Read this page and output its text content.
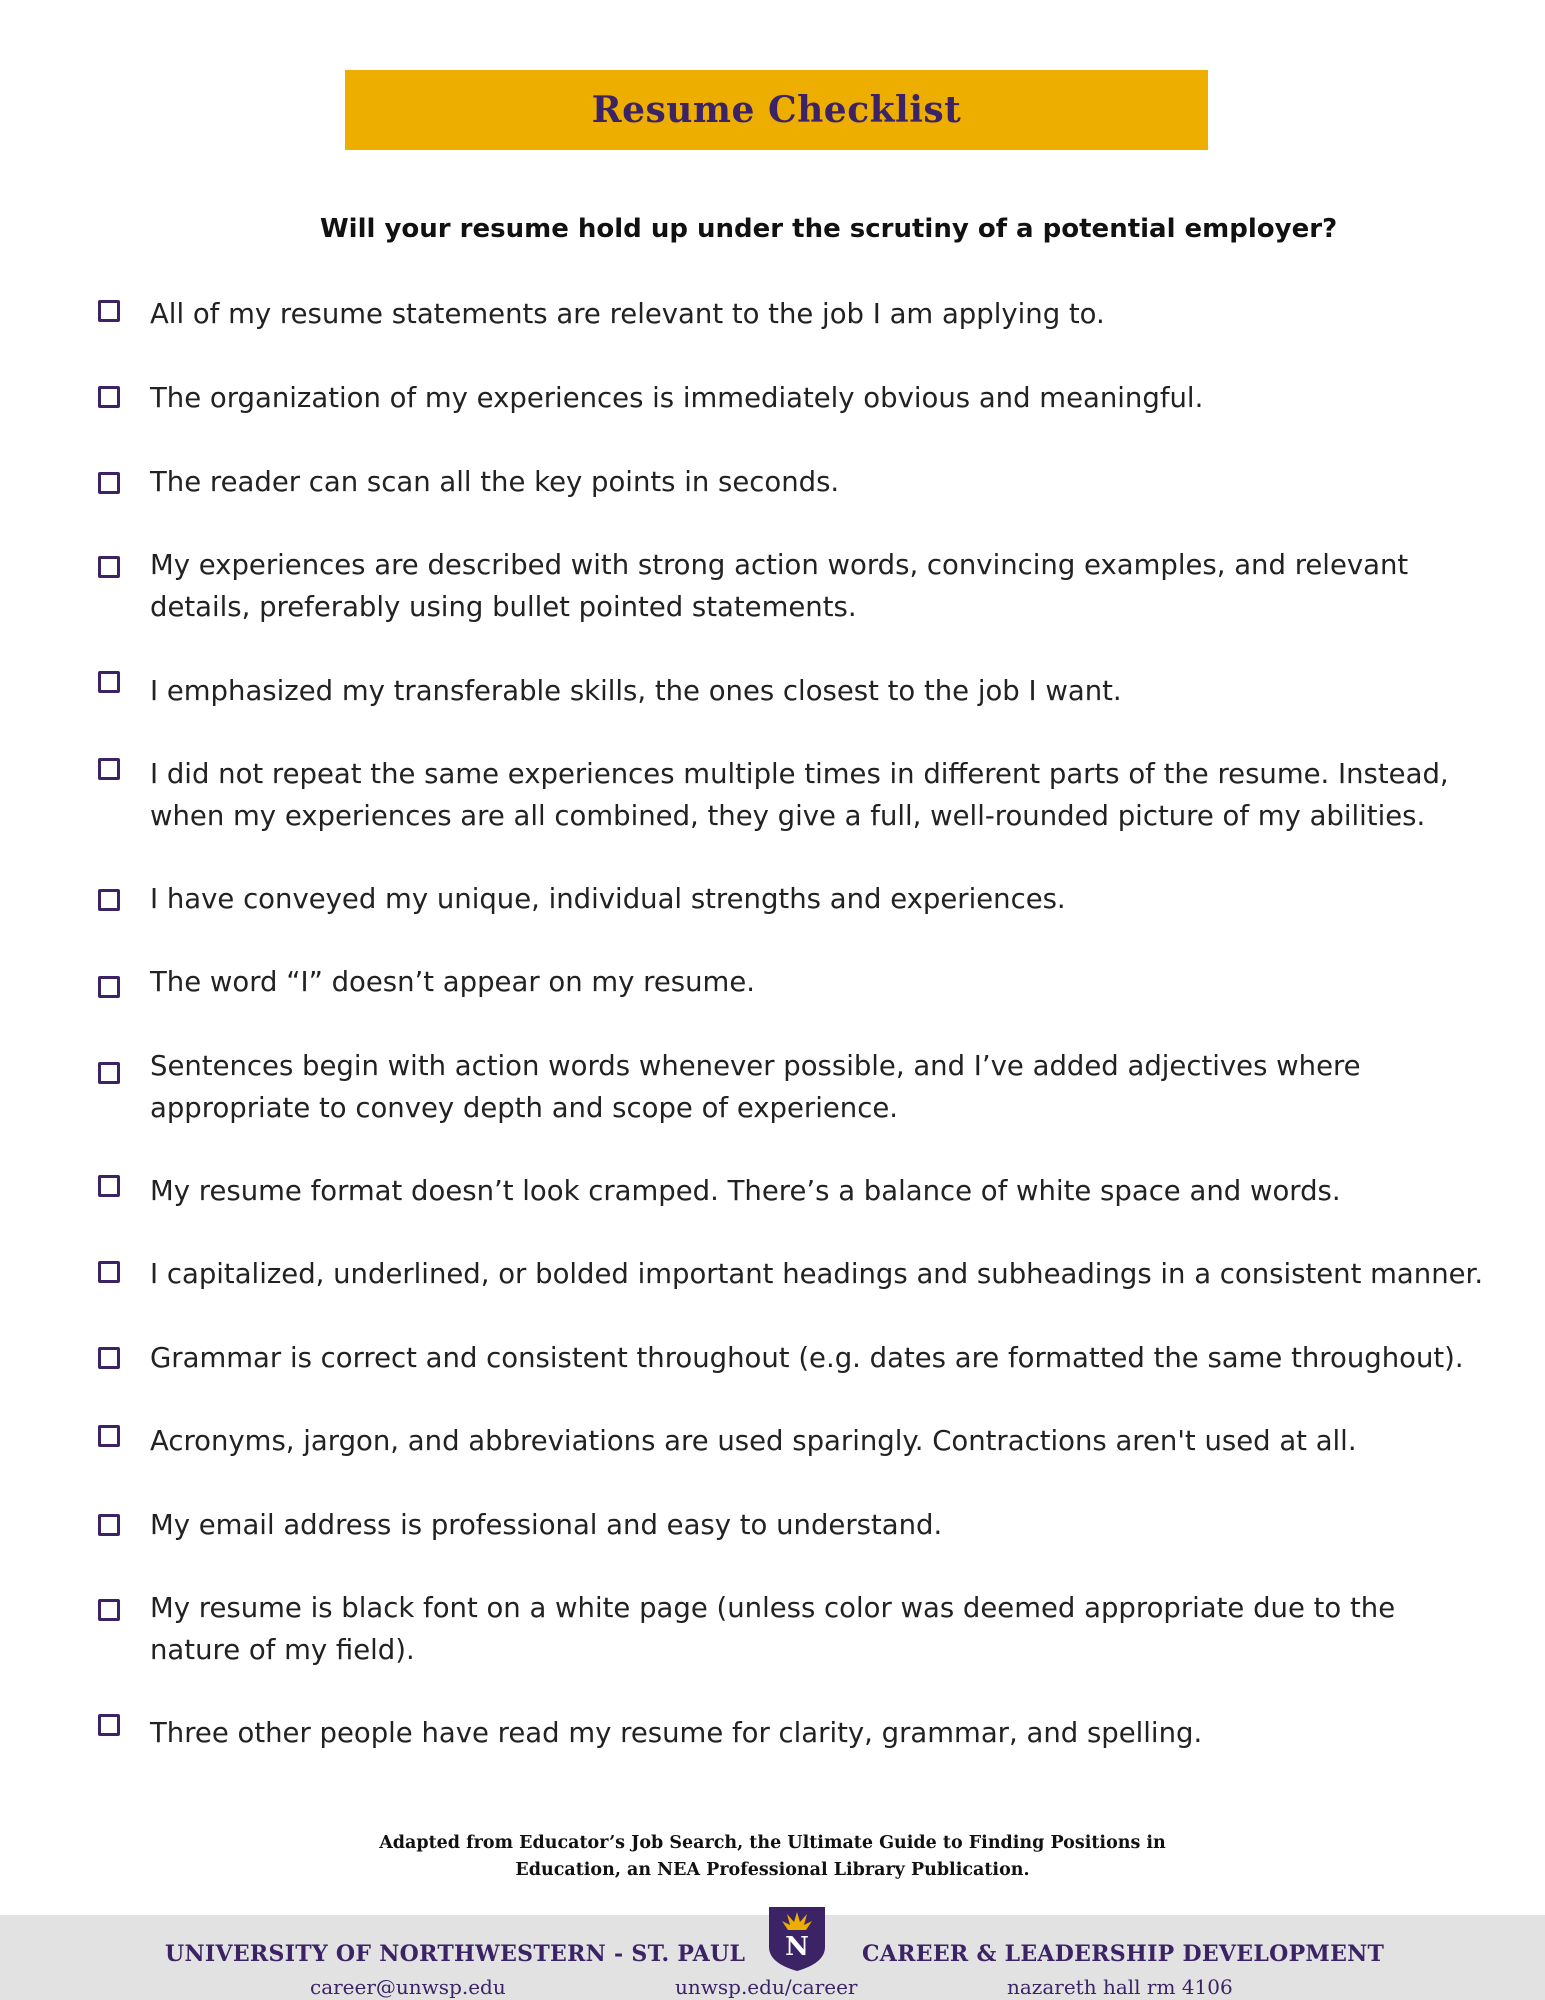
Resume Checklist
Will your resume hold up under the scrutiny of a potential employer?

All of my resume statements are relevant to the job I am applying to.

The organization of my experiences is immediately obvious and meaningful.

The reader can scan all the key points in seconds.

My experiences are described with strong action words, convincing examples, and relevant

details, preferably using bullet pointed statements.

I emphasized my transferable skills, the ones closest to the job I want.

I did not repeat the same experiences multiple times in different parts of the resume. Instead,

when my experiences are all combined, they give a full, well-rounded picture of my abilities.

I have conveyed my unique, individual strengths and experiences.

The word “I” doesn’t appear on my resume.

Sentences begin with action words whenever possible, and I’ve added adjectives where

appropriate to convey depth and scope of experience.

My resume format doesn’t look cramped. There’s a balance of white space and words.

I capitalized, underlined, or bolded important headings and subheadings in a consistent manner.

Grammar is correct and consistent throughout (e.g. dates are formatted the same throughout).

Acronyms, jargon, and abbreviations are used sparingly. Contractions aren't used at all.

My email address is professional and easy to understand.

My resume is black font on a white page (unless color was deemed appropriate due to the

nature of my field).

Three other people have read my resume for clarity, grammar, and spelling.

Adapted from Educator’s Job Search, the Ultimate Guide to Finding Positions in
Education, an NEA Professional Library Publication.
UNIVERSITY OF NORTHWESTERN - ST. PAUL	CAREER & LEADERSHIP DEVELOPMENT
career@unwsp.edu	unwsp.edu/career	nazareth hall rm 4106
N
